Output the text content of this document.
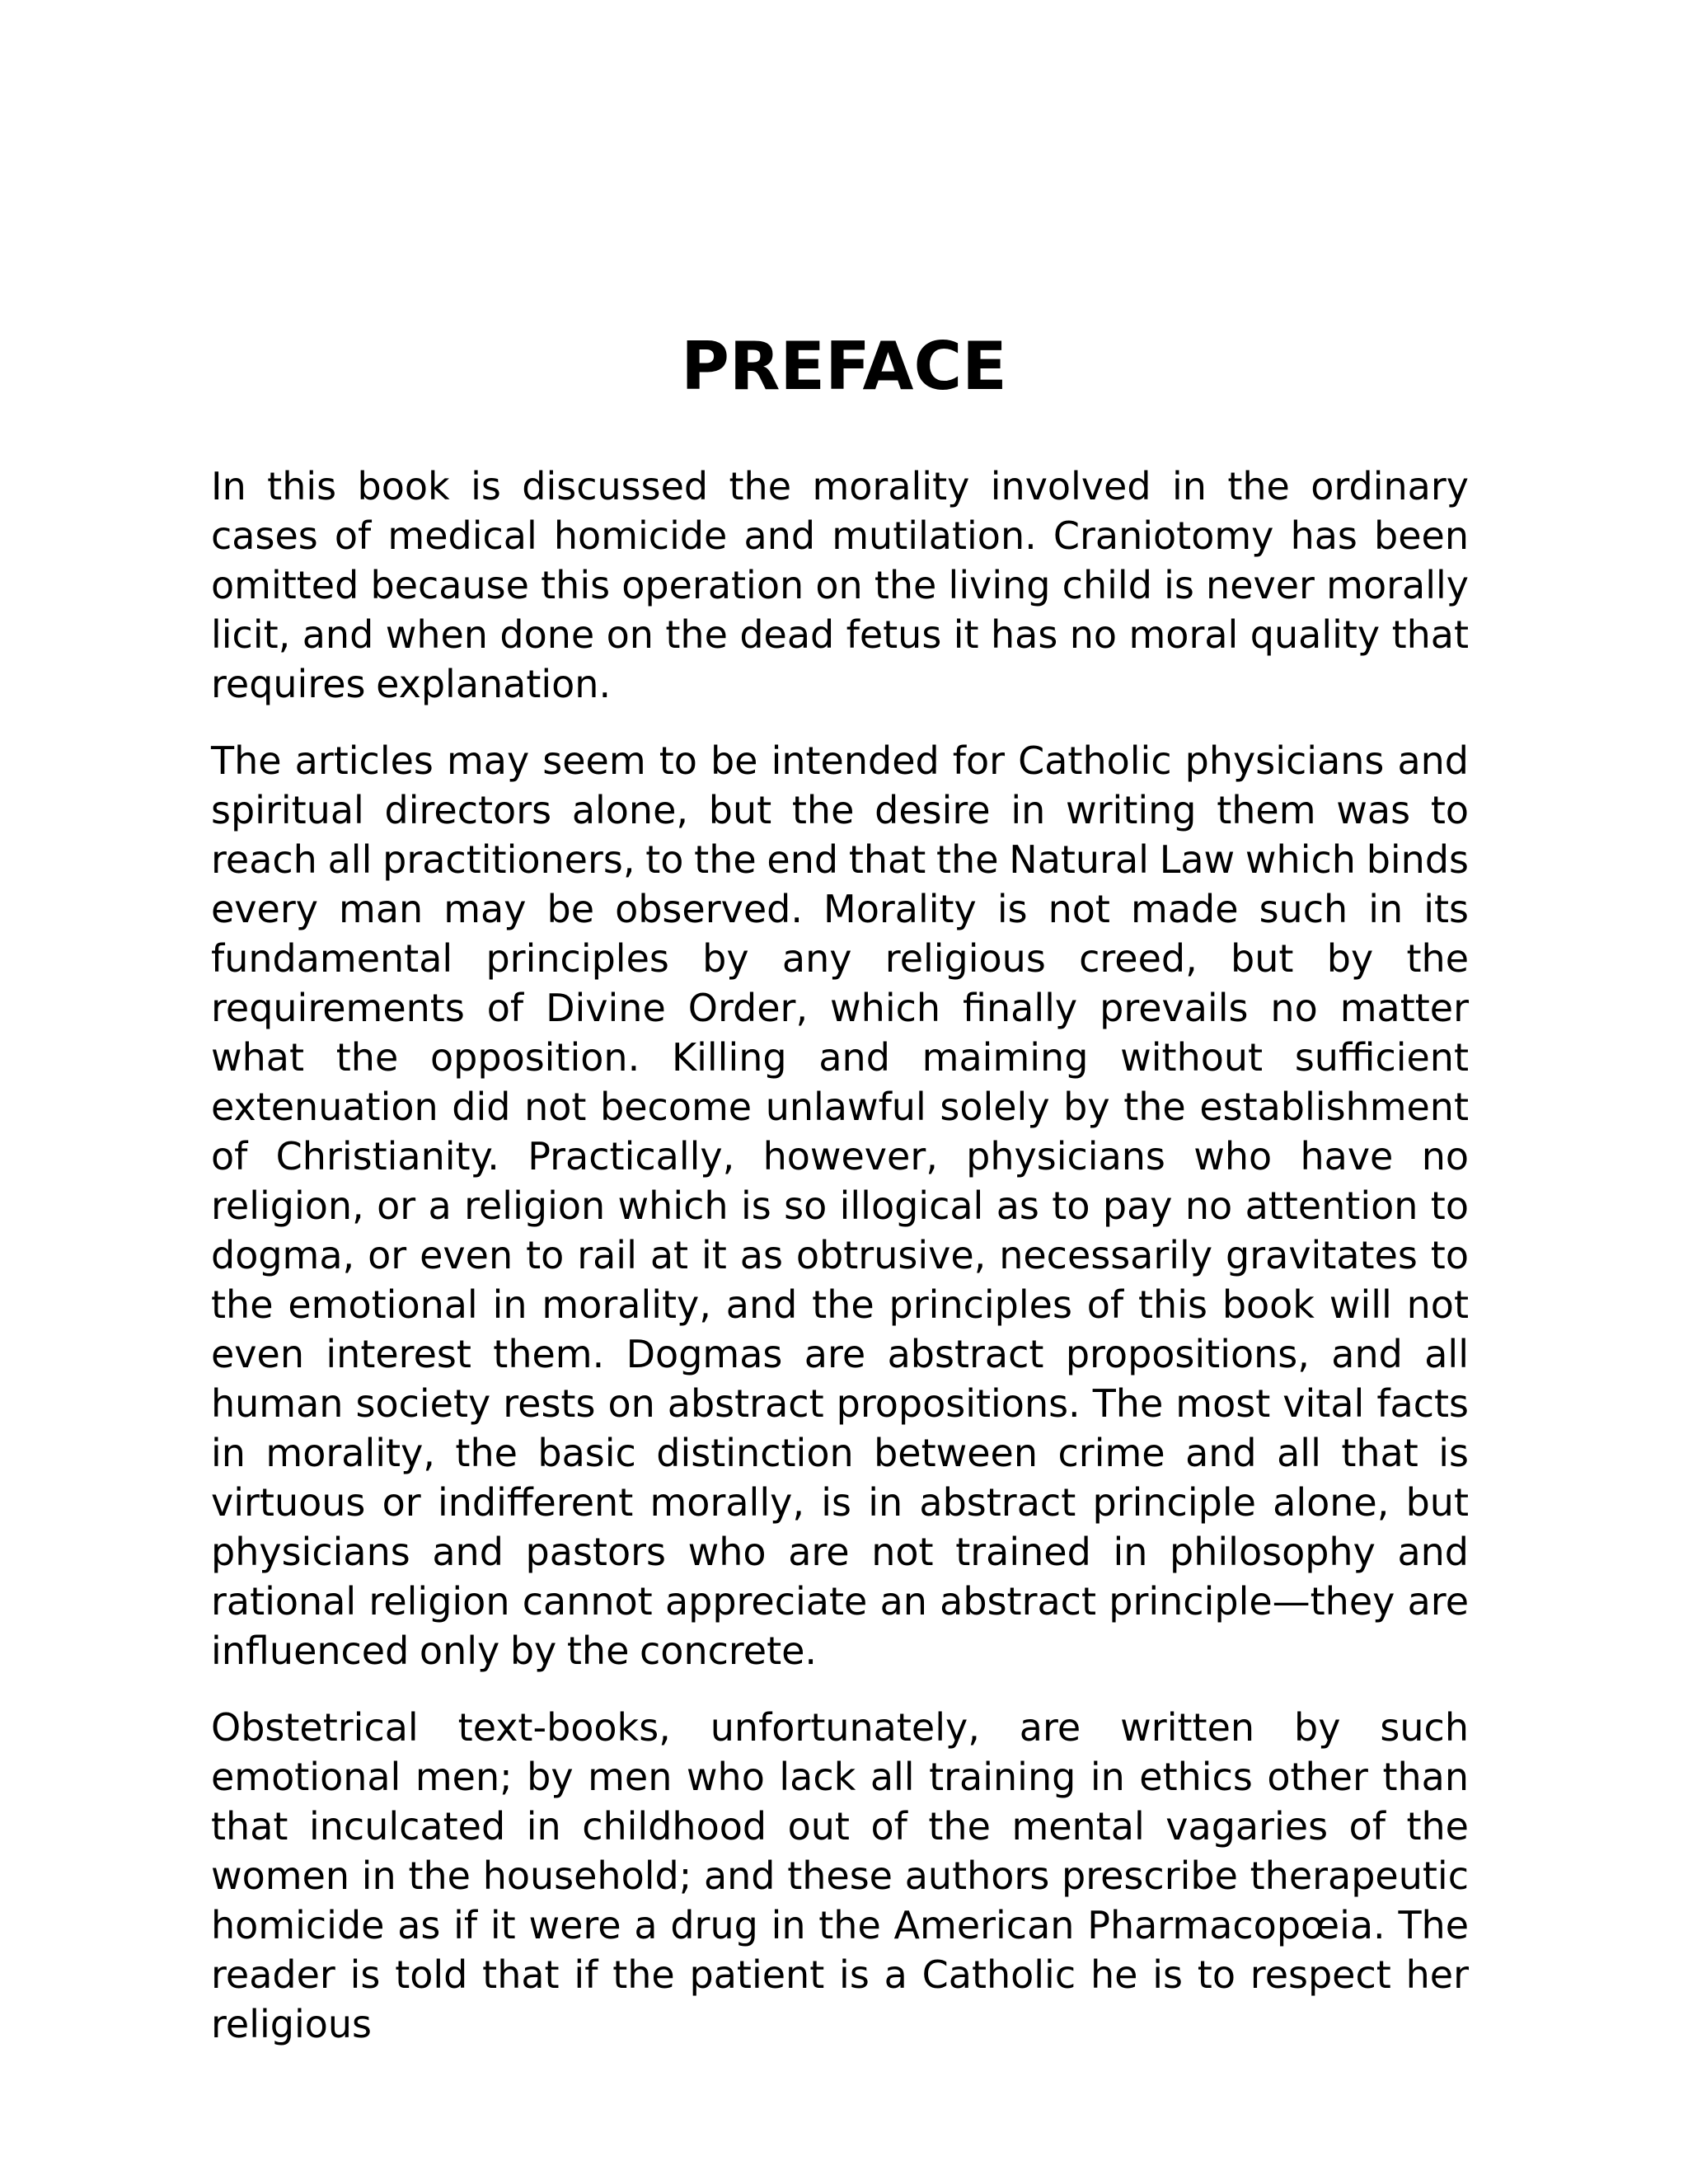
PREFACE

In this book is discussed the morality involved in the ordinary cases of medical homicide and mutilation. Craniotomy has been omitted because this operation on the living child is never morally licit, and when done on the dead fetus it has no moral quality that requires explanation.

The articles may seem to be intended for Catholic physicians and spiritual directors alone, but the desire in writing them was to reach all practitioners, to the end that the Natural Law which binds every man may be observed. Morality is not made such in its fundamental principles by any religious creed, but by the requirements of Divine Order, which finally prevails no matter what the opposition. Killing and maiming without sufficient extenuation did not become unlawful solely by the establishment of Christianity. Practically, however, physicians who have no religion, or a religion which is so illogical as to pay no attention to dogma, or even to rail at it as obtrusive, necessarily gravitates to the emotional in morality, and the principles of this book will not even interest them. Dogmas are abstract propositions, and all human society rests on abstract propositions. The most vital facts in morality, the basic distinction between crime and all that is virtuous or indifferent morally, is in abstract principle alone, but physicians and pastors who are not trained in philosophy and rational religion cannot appreciate an abstract principle—they are influenced only by the concrete.

Obstetrical text-books, unfortunately, are written by such emotional men; by men who lack all training in ethics other than that inculcated in childhood out of the mental vagaries of the women in the household; and these authors prescribe therapeutic homicide as if it were a drug in the American Pharmacopœia. The reader is told that if the patient is a Catholic he is to respect her religious
